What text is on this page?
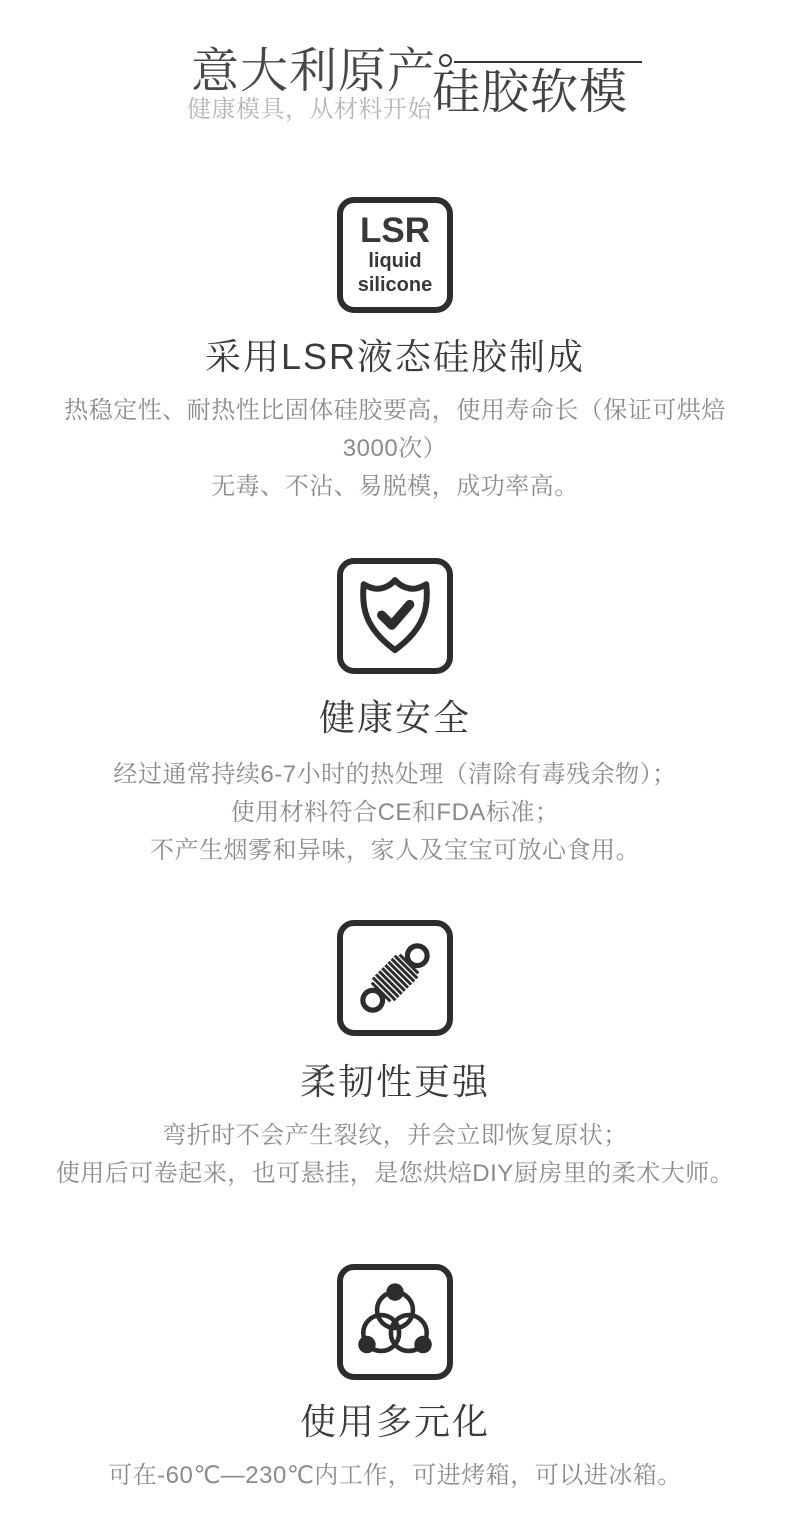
意大利原产
健康模具，从材料开始 硅胶软模
LSR
liquid
silicone
采用LSR液态硅胶制成
热稳定性、耐热性比固体硅胶要高，使用寿命长（保证可烘焙
3000次）
无毒、不沾、易脱模，成功率高。
健康安全
经过通常持续6-7小时的热处理（清除有毒残余物）；
使用材料符合CE和FDA标准；
不产生烟雾和异味，家人及宝宝可放心食用。
柔韧性更强
弯折时不会产生裂纹，并会立即恢复原状；
使用后可卷起来，也可悬挂，是您烘焙DIY厨房里的柔术大师。
使用多元化
可在-60℃—230℃内工作，可进烤箱，可以进冰箱。
